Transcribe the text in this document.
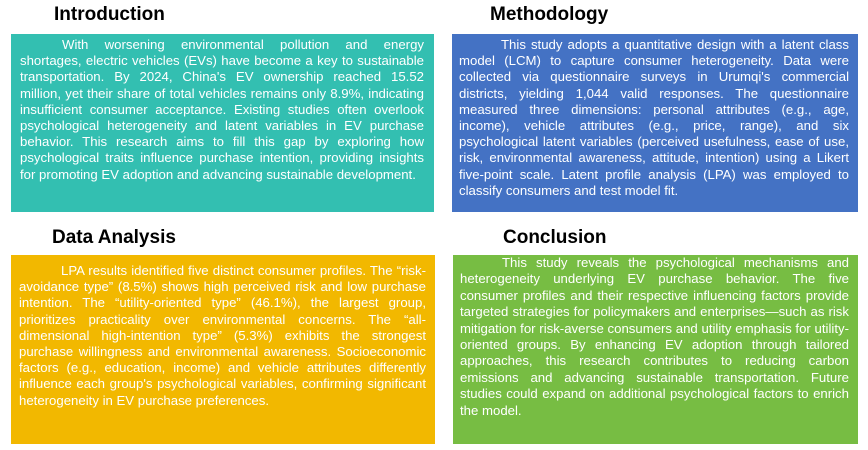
Introduction
With worsening environmental pollution and energy shortages, electric vehicles (EVs) have become a key to sustainable transportation. By 2024, China's EV ownership reached 15.52 million, yet their share of total vehicles remains only 8.9%, indicating insufficient consumer acceptance. Existing studies often overlook psychological heterogeneity and latent variables in EV purchase behavior. This research aims to fill this gap by exploring how psychological traits influence purchase intention, providing insights for promoting EV adoption and advancing sustainable development.
Methodology
This study adopts a quantitative design with a latent class model (LCM) to capture consumer heterogeneity. Data were collected via questionnaire surveys in Urumqi's commercial districts, yielding 1,044 valid responses. The questionnaire measured three dimensions: personal attributes (e.g., age, income), vehicle attributes (e.g., price, range), and six psychological latent variables (perceived usefulness, ease of use, risk, environmental awareness, attitude, intention) using a Likert five-point scale. Latent profile analysis (LPA) was employed to classify consumers and test model fit.
Data Analysis
LPA results identified five distinct consumer profiles. The “risk-avoidance type” (8.5%) shows high perceived risk and low purchase intention. The “utility-oriented type” (46.1%), the largest group, prioritizes practicality over environmental concerns. The “all-dimensional high-intention type” (5.3%) exhibits the strongest purchase willingness and environmental awareness. Socioeconomic factors (e.g., education, income) and vehicle attributes differently influence each group's psychological variables, confirming significant heterogeneity in EV purchase preferences.
Conclusion
This study reveals the psychological mechanisms and heterogeneity underlying EV purchase behavior. The five consumer profiles and their respective influencing factors provide targeted strategies for policymakers and enterprises—such as risk mitigation for risk-averse consumers and utility emphasis for utility-oriented groups. By enhancing EV adoption through tailored approaches, this research contributes to reducing carbon emissions and advancing sustainable transportation. Future studies could expand on additional psychological factors to enrich the model.
